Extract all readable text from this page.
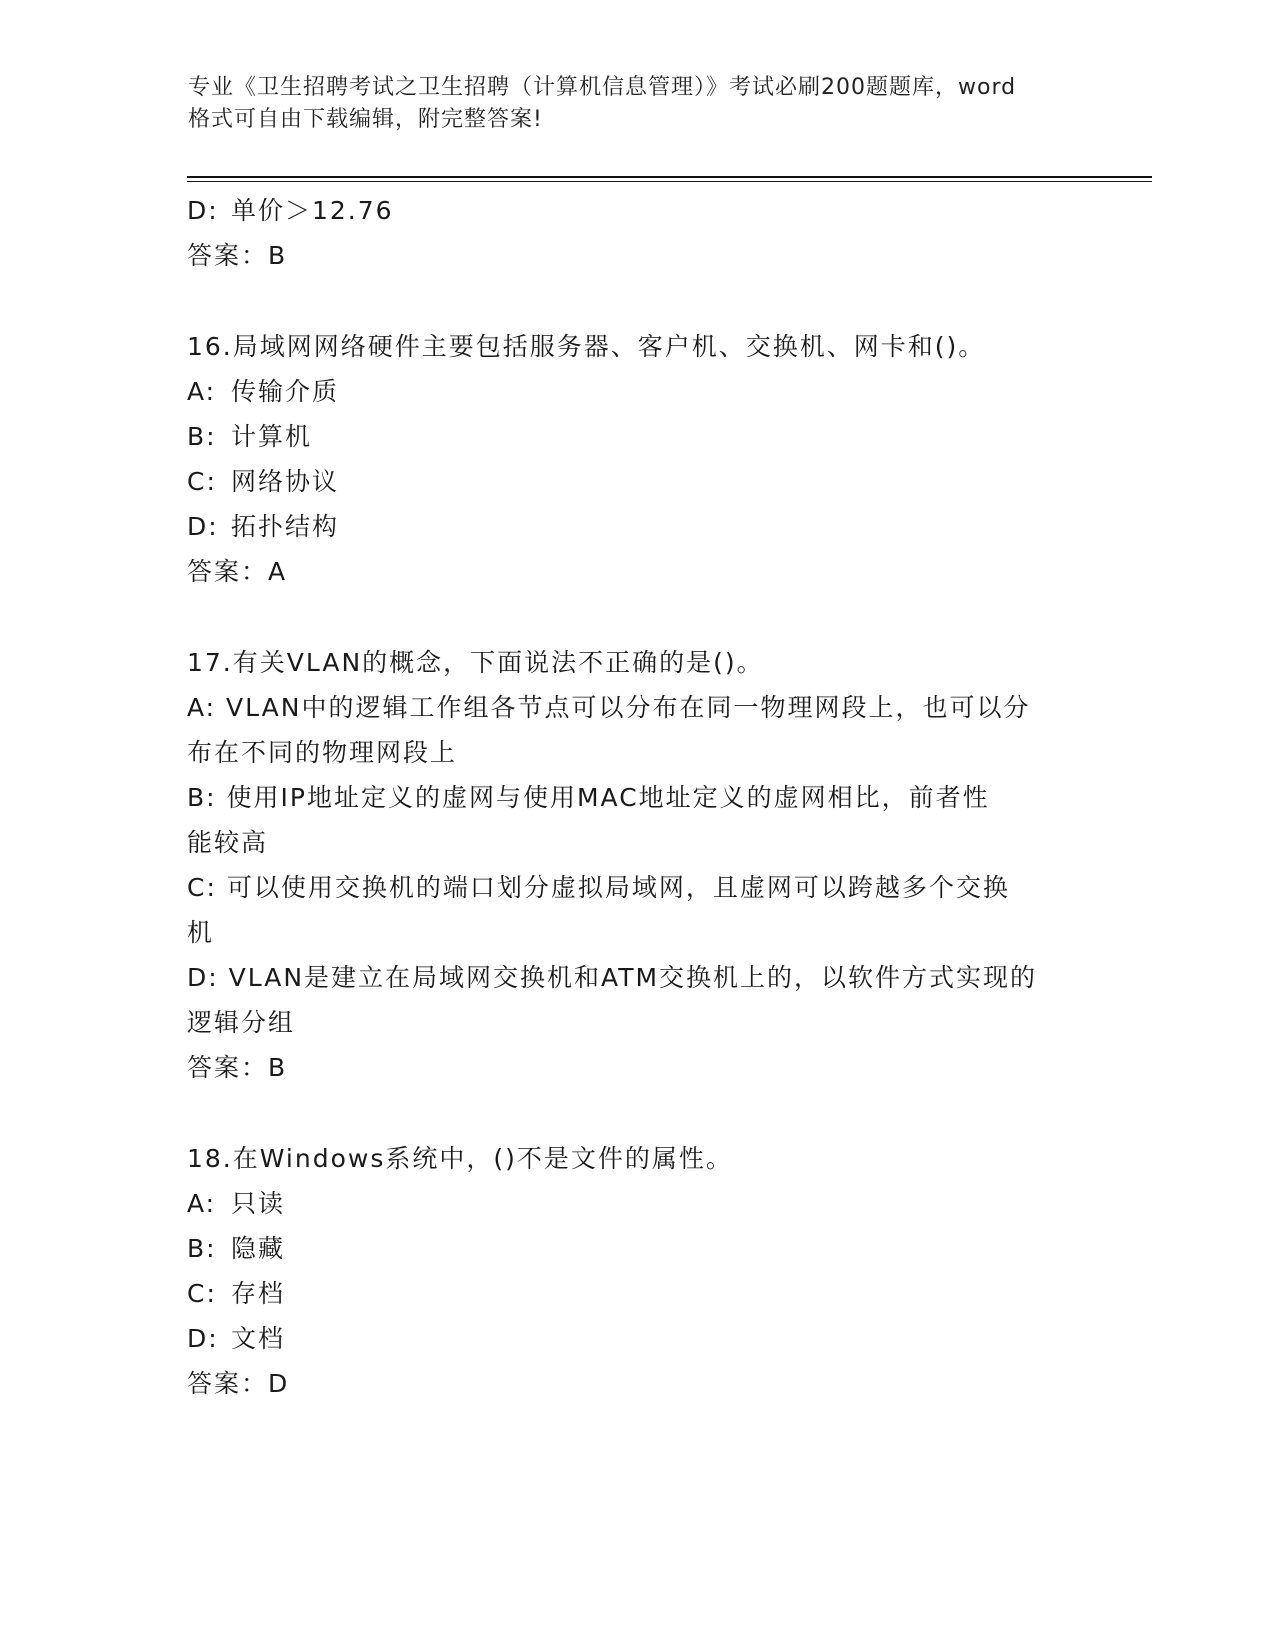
专业《卫生招聘考试之卫生招聘（计算机信息管理）》考试必刷200题题库，word
格式可自由下载编辑，附完整答案!
D: 单价＞12.76
答案：B
16.局域网网络硬件主要包括服务器、客户机、交换机、网卡和()。
A: 传输介质
B: 计算机
C: 网络协议
D: 拓扑结构
答案：A
17.有关VLAN的概念，下面说法不正确的是()。
A: VLAN中的逻辑工作组各节点可以分布在同一物理网段上，也可以分
布在不同的物理网段上
B: 使用IP地址定义的虚网与使用MAC地址定义的虚网相比，前者性
能较高
C: 可以使用交换机的端口划分虚拟局域网，且虚网可以跨越多个交换
机
D: VLAN是建立在局域网交换机和ATM交换机上的，以软件方式实现的
逻辑分组
答案：B
18.在Windows系统中，()不是文件的属性。
A: 只读
B: 隐藏
C: 存档
D: 文档
答案：D
